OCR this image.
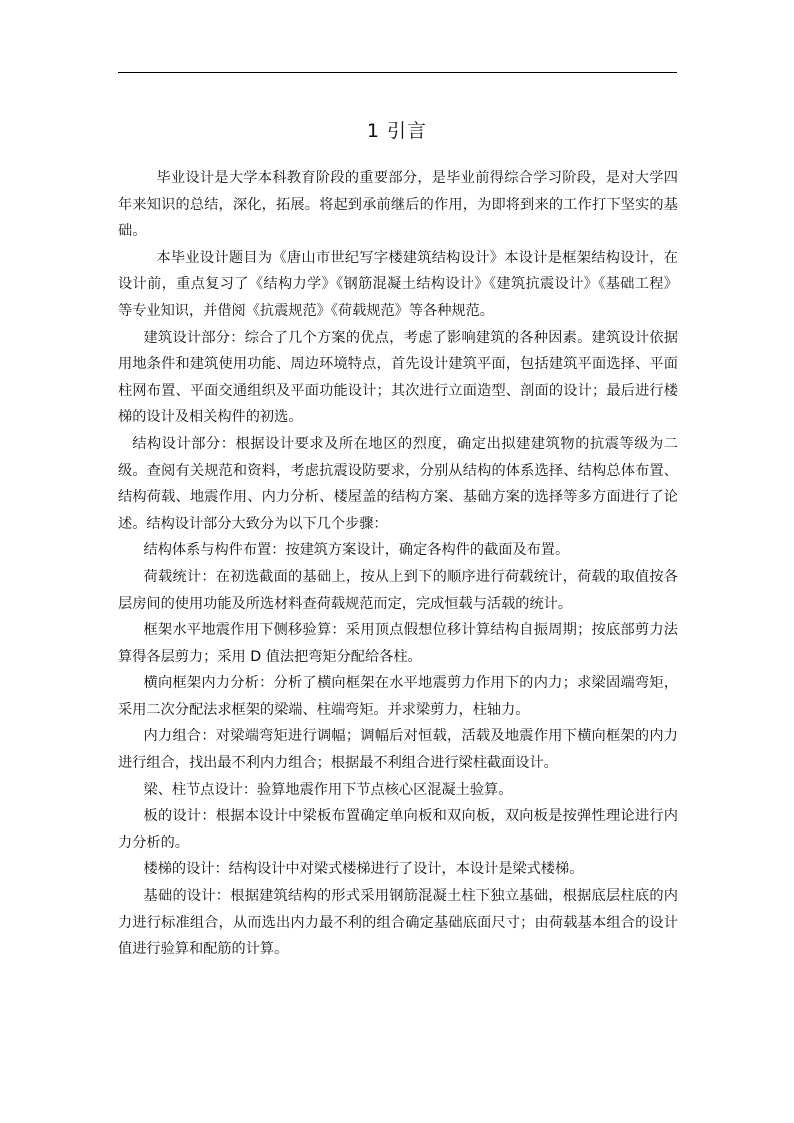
1 引言

毕业设计是大学本科教育阶段的重要部分，是毕业前得综合学习阶段，是对大学四年来知识的总结，深化，拓展。将起到承前继后的作用，为即将到来的工作打下坚实的基础。

本毕业设计题目为《唐山市世纪写字楼建筑结构设计》本设计是框架结构设计，在设计前，重点复习了《结构力学》《钢筋混凝土结构设计》《建筑抗震设计》《基础工程》等专业知识，并借阅《抗震规范》《荷载规范》等各种规范。

建筑设计部分：综合了几个方案的优点，考虑了影响建筑的各种因素。建筑设计依据用地条件和建筑使用功能、周边环境特点，首先设计建筑平面，包括建筑平面选择、平面柱网布置、平面交通组织及平面功能设计；其次进行立面造型、剖面的设计；最后进行楼梯的设计及相关构件的初选。

结构设计部分：根据设计要求及所在地区的烈度，确定出拟建建筑物的抗震等级为二级。查阅有关规范和资料，考虑抗震设防要求，分别从结构的体系选择、结构总体布置、结构荷载、地震作用、内力分析、楼屋盖的结构方案、基础方案的选择等多方面进行了论述。结构设计部分大致分为以下几个步骤：

结构体系与构件布置：按建筑方案设计，确定各构件的截面及布置。

荷载统计：在初选截面的基础上，按从上到下的顺序进行荷载统计，荷载的取值按各层房间的使用功能及所选材料查荷载规范而定，完成恒载与活载的统计。

框架水平地震作用下侧移验算：采用顶点假想位移计算结构自振周期；按底部剪力法算得各层剪力；采用 D 值法把弯矩分配给各柱。

横向框架内力分析：分析了横向框架在水平地震剪力作用下的内力；求梁固端弯矩，采用二次分配法求框架的梁端、柱端弯矩。并求梁剪力，柱轴力。

内力组合：对梁端弯矩进行调幅；调幅后对恒载，活载及地震作用下横向框架的内力进行组合，找出最不利内力组合；根据最不利组合进行梁柱截面设计。

梁、柱节点设计：验算地震作用下节点核心区混凝土验算。

板的设计：根据本设计中梁板布置确定单向板和双向板，双向板是按弹性理论进行内力分析的。

楼梯的设计：结构设计中对梁式楼梯进行了设计，本设计是梁式楼梯。

基础的设计：根据建筑结构的形式采用钢筋混凝土柱下独立基础，根据底层柱底的内力进行标准组合，从而选出内力最不利的组合确定基础底面尺寸；由荷载基本组合的设计值进行验算和配筋的计算。
